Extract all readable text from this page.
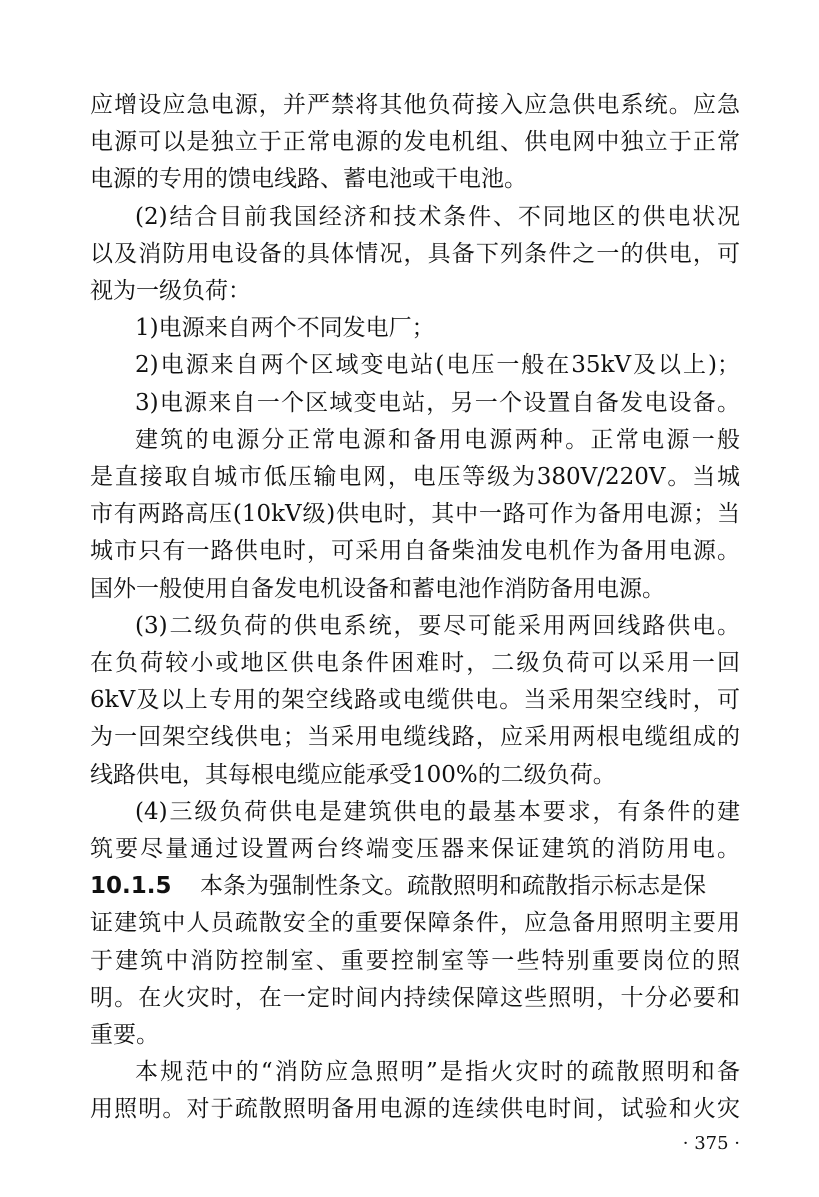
应增设应急电源，并严禁将其他负荷接入应急供电系统。应急
电源可以是独立于正常电源的发电机组、供电网中独立于正常
电源的专用的馈电线路、蓄电池或干电池。
(2)结合目前我国经济和技术条件、不同地区的供电状况
以及消防用电设备的具体情况，具备下列条件之一的供电，可
视为一级负荷：
1)电源来自两个不同发电厂；
2)电源来自两个区域变电站(电压一般在35kV及以上)；
3)电源来自一个区域变电站，另一个设置自备发电设备。
建筑的电源分正常电源和备用电源两种。正常电源一般
是直接取自城市低压输电网，电压等级为380V/220V。当城
市有两路高压(10kV级)供电时，其中一路可作为备用电源；当
城市只有一路供电时，可采用自备柴油发电机作为备用电源。
国外一般使用自备发电机设备和蓄电池作消防备用电源。
(3)二级负荷的供电系统，要尽可能采用两回线路供电。
在负荷较小或地区供电条件困难时，二级负荷可以采用一回
6kV及以上专用的架空线路或电缆供电。当采用架空线时，可
为一回架空线供电；当采用电缆线路，应采用两根电缆组成的
线路供电，其每根电缆应能承受100%的二级负荷。
(4)三级负荷供电是建筑供电的最基本要求，有条件的建
筑要尽量通过设置两台终端变压器来保证建筑的消防用电。
10.1.5 本条为强制性条文。疏散照明和疏散指示标志是保
证建筑中人员疏散安全的重要保障条件，应急备用照明主要用
于建筑中消防控制室、重要控制室等一些特别重要岗位的照
明。在火灾时，在一定时间内持续保障这些照明，十分必要和
重要。
本规范中的“消防应急照明”是指火灾时的疏散照明和备
用照明。对于疏散照明备用电源的连续供电时间，试验和火灾
· 375 ·
